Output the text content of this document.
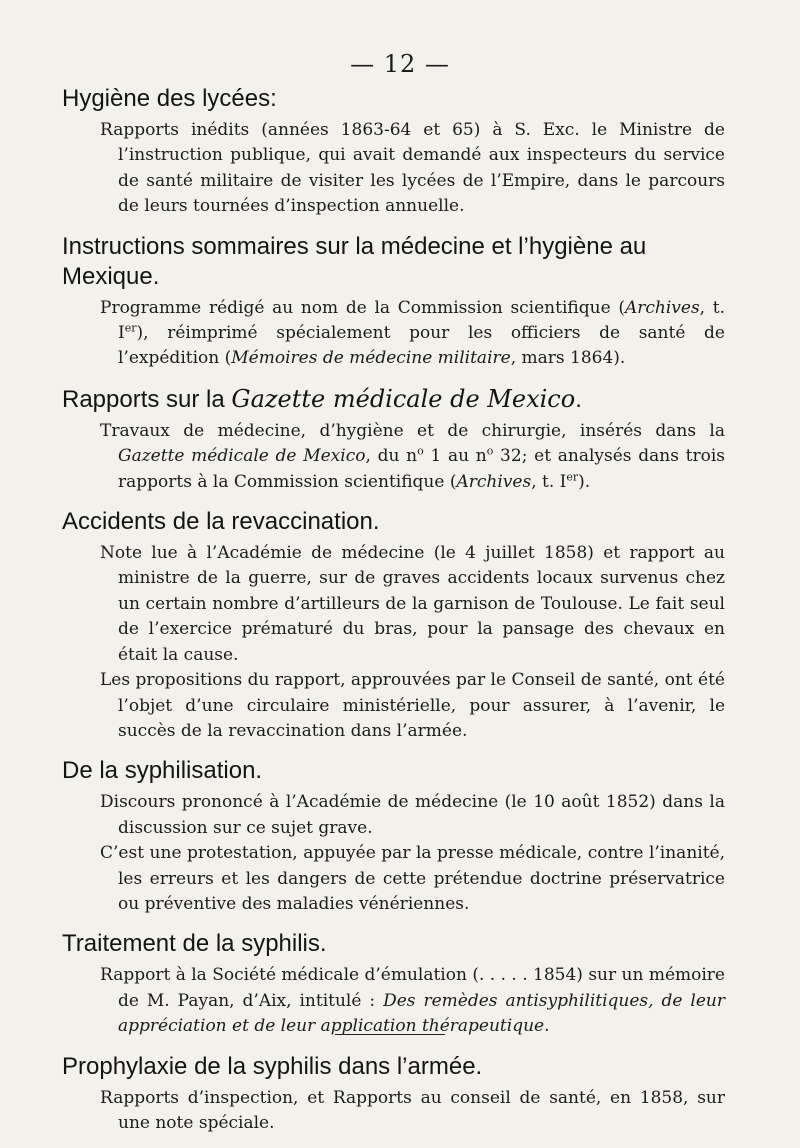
— 12 —
Hygiène des lycées:

Rapports inédits (années 1863-64 et 65) à S. Exc. le Ministre de l’instruction publique, qui avait demandé aux inspecteurs du service de santé militaire de visiter les lycées de l’Empire, dans le parcours de leurs tournées d’inspection annuelle.

Instructions sommaires sur la médecine et l’hygiène au Mexique.

Programme rédigé au nom de la Commission scientifique (Archives, t. Ier), réimprimé spécialement pour les officiers de santé de l’expédition (Mémoires de médecine militaire, mars 1864).

Rapports sur la Gazette médicale de Mexico.

Travaux de médecine, d’hygiène et de chirurgie, insérés dans la Gazette médicale de Mexico, du $n^o$ 1 au $n^o$ 32; et analysés dans trois rapports à la Commission scientifique (Archives, t. Ier).

Accidents de la revaccination.

Note lue à l’Académie de médecine (le 4 juillet 1858) et rapport au ministre de la guerre, sur de graves accidents locaux survenus chez un certain nombre d’artilleurs de la garnison de Toulouse. Le fait seul de l’exercice prématuré du bras, pour la pansage des chevaux en était la cause.

Les propositions du rapport, approuvées par le Conseil de santé, ont été l’objet d’une circulaire ministérielle, pour assurer, à l’avenir, le succès de la revaccination dans l’armée.

De la syphilisation.

Discours prononcé à l’Académie de médecine (le 10 août 1852) dans la discussion sur ce sujet grave.

C’est une protestation, appuyée par la presse médicale, contre l’inanité, les erreurs et les dangers de cette prétendue doctrine préservatrice ou préventive des maladies vénériennes.

Traitement de la syphilis.

Rapport à la Société médicale d’émulation (. . . . . 1854) sur un mémoire de M. Payan, d’Aix, intitulé : Des remèdes antisyphilitiques, de leur appréciation et de leur application thérapeutique.

Prophylaxie de la syphilis dans l’armée.

Rapports d’inspection, et Rapports au conseil de santé, en 1858, sur une note spéciale.
